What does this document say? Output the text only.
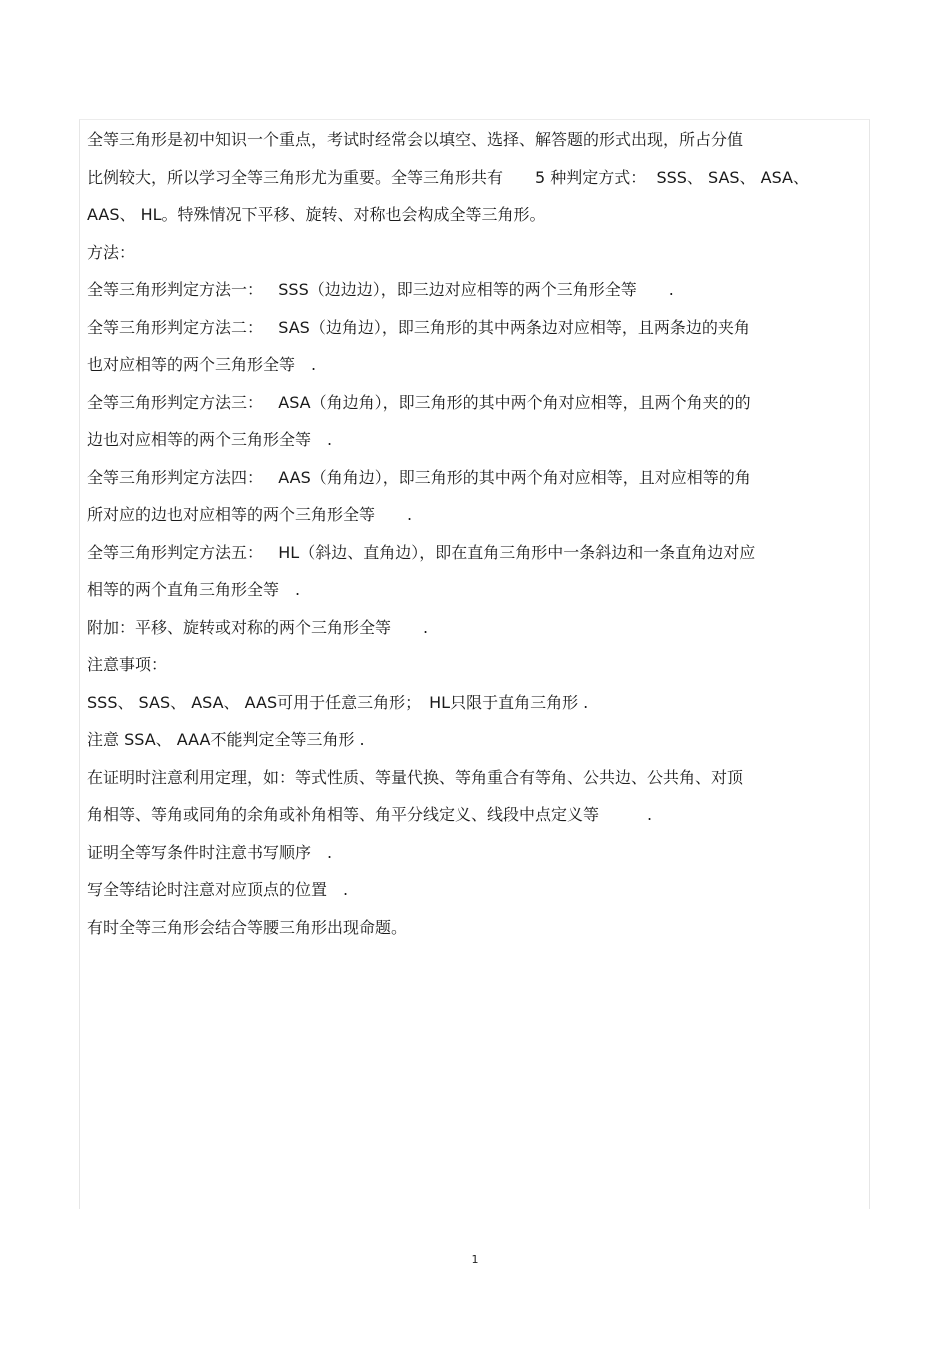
全等三角形是初中知识一个重点，考试时经常会以填空、选择、解答题的形式出现，所占分值

比例较大，所以学习全等三角形尤为重要。全等三角形共有　　5 种判定方式：  SSS、 SAS、 ASA、

AAS、 HL。特殊情况下平移、旋转、对称也会构成全等三角形。

方法：

全等三角形判定方法一：   SSS（边边边），即三边对应相等的两个三角形全等　　.

全等三角形判定方法二：   SAS（边角边），即三角形的其中两条边对应相等，且两条边的夹角

也对应相等的两个三角形全等　.

全等三角形判定方法三：   ASA（角边角），即三角形的其中两个角对应相等，且两个角夹的的

边也对应相等的两个三角形全等　.

全等三角形判定方法四：   AAS（角角边），即三角形的其中两个角对应相等，且对应相等的角

所对应的边也对应相等的两个三角形全等　　.

全等三角形判定方法五：   HL（斜边、直角边），即在直角三角形中一条斜边和一条直角边对应

相等的两个直角三角形全等　.

附加：平移、旋转或对称的两个三角形全等　　.

注意事项：

SSS、 SAS、 ASA、 AAS可用于任意三角形；　HL只限于直角三角形 .

注意 SSA、 AAA不能判定全等三角形 .

在证明时注意利用定理，如：等式性质、等量代换、等角重合有等角、公共边、公共角、对顶

角相等、等角或同角的余角或补角相等、角平分线定义、线段中点定义等　　　.

证明全等写条件时注意书写顺序　.

写全等结论时注意对应顶点的位置　.

有时全等三角形会结合等腰三角形出现命题。

1
